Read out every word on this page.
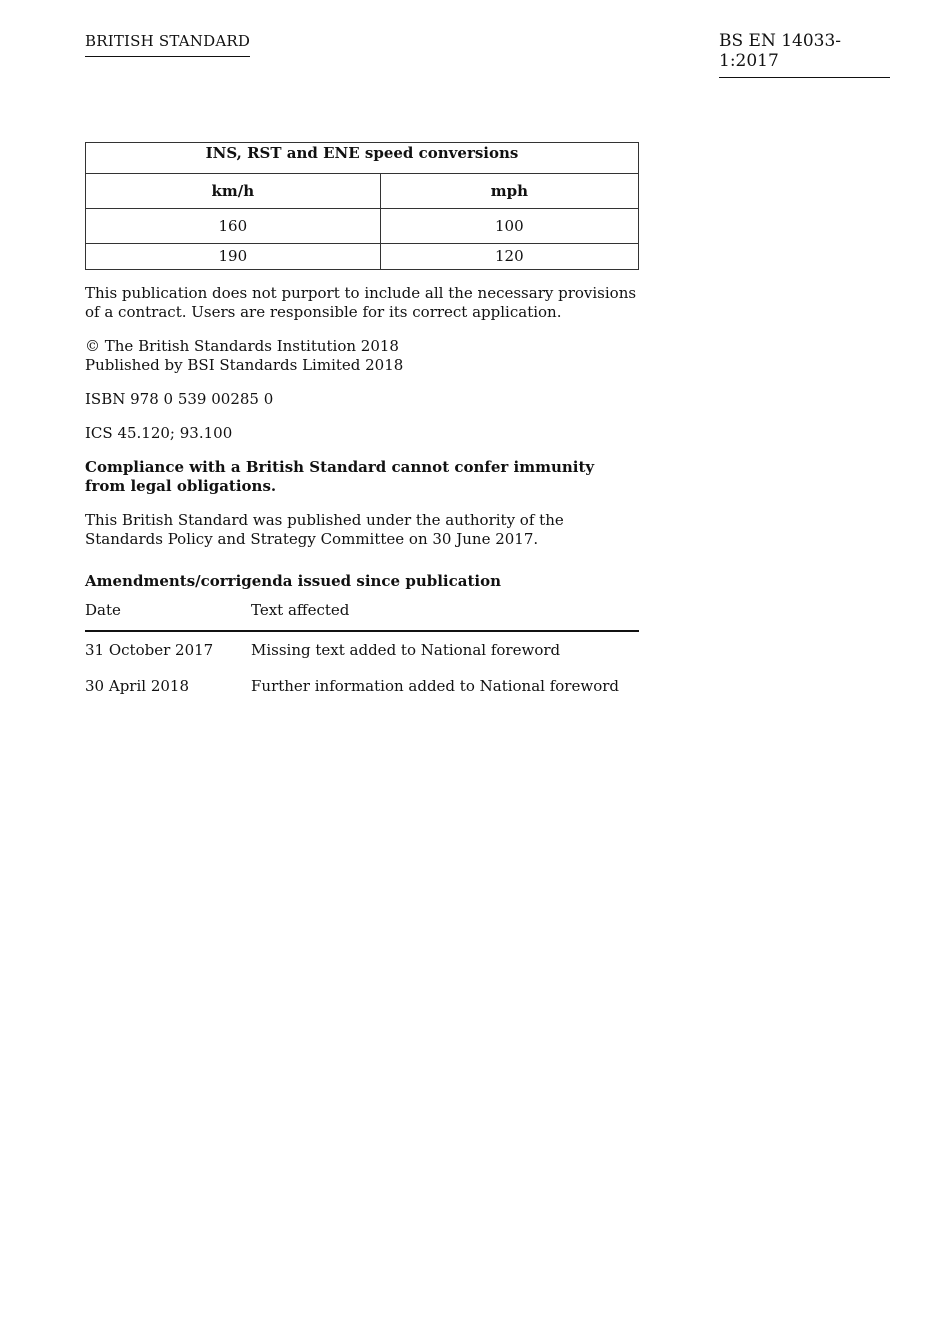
BRITISH STANDARD	BS EN 14033-1:2017
INS, RST and ENE speed conversions	
km/h	mph
160	100
190	120

This publication does not purport to include all the necessary provisions of a contract. Users are responsible for its correct application.

© The British Standards Institution 2018
Published by BSI Standards Limited 2018

ISBN 978 0 539 00285 0

ICS 45.120; 93.100

Compliance with a British Standard cannot confer immunity from legal obligations.

This British Standard was published under the authority of the Standards Policy and Strategy Committee on 30 June 2017.

Amendments/corrigenda issued since publication

Date	Text affected
31 October 2017	Missing text added to National foreword
30 April 2018	Further information added to National foreword
